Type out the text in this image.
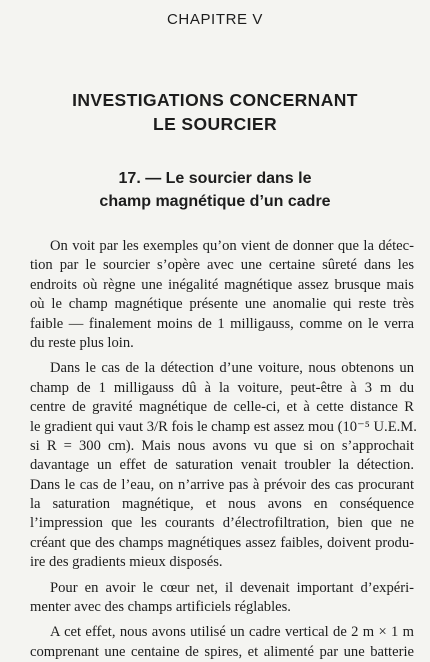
CHAPITRE V
INVESTIGATIONS CONCERNANT
LE SOURCIER
17. — Le sourcier dans le
champ magnétique d’un cadre
On voit par les exemples qu’on vient de donner que la détec-
tion par le sourcier s’opère avec une certaine sûreté dans les
endroits où règne une inégalité magnétique assez brusque mais
où le champ magnétique présente une anomalie qui reste très
faible — finalement moins de 1 milligauss, comme on le verra
du reste plus loin.
Dans le cas de la détection d’une voiture, nous obtenons un
champ de 1 milligauss dû à la voiture, peut-être à 3 m du
centre de gravité magnétique de celle-ci, et à cette distance R
le gradient qui vaut 3/R fois le champ est assez mou (10⁻⁵ U.E.M.
si R = 300 cm). Mais nous avons vu que si on s’approchait
davantage un effet de saturation venait troubler la détection.
Dans le cas de l’eau, on n’arrive pas à prévoir des cas procurant
la saturation magnétique, et nous avons en conséquence
l’impression que les courants d’électrofiltration, bien que ne
créant que des champs magnétiques assez faibles, doivent produ-
ire des gradients mieux disposés.
Pour en avoir le cœur net, il devenait important d’expéri-
menter avec des champs artificiels réglables.
A cet effet, nous avons utilisé un cadre vertical de 2 m × 1 m
comprenant une centaine de spires, et alimenté par une batterie
